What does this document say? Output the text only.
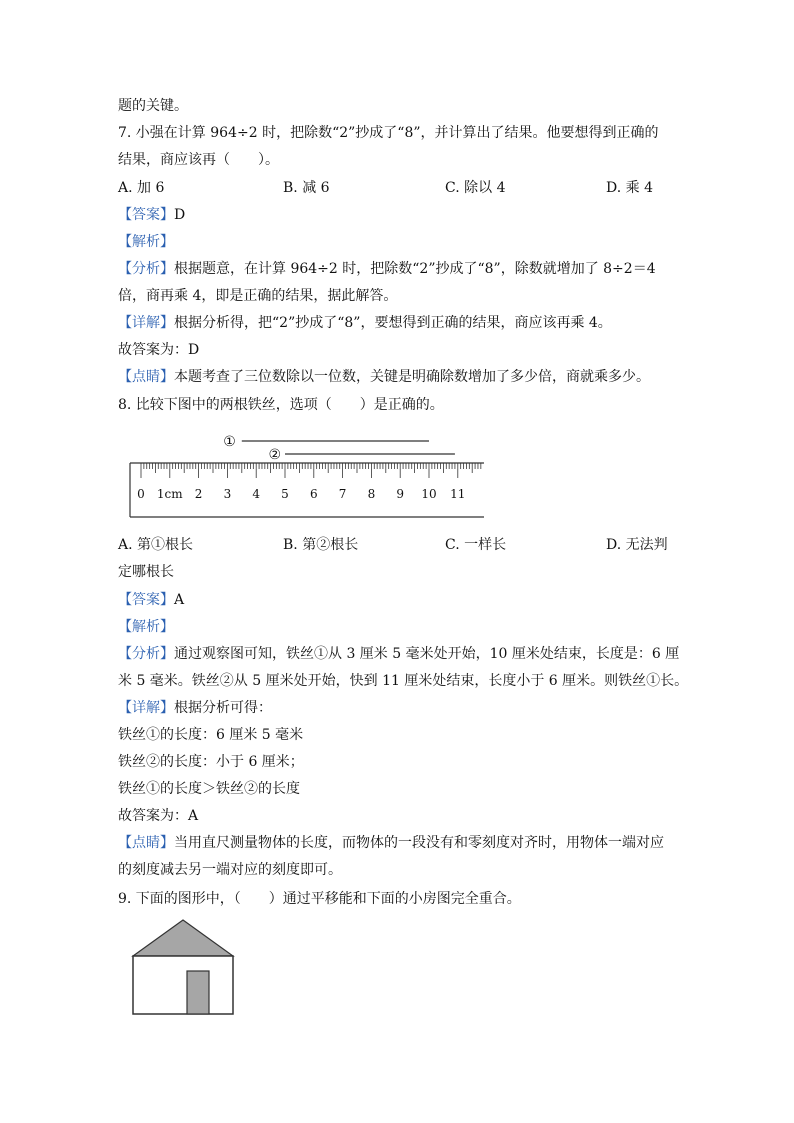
题的关键。
7. 小强在计算 964÷2 时，把除数“2”抄成了“8”，并计算出了结果。他要想得到正确的
结果，商应该再（　　）。
A. 加 6	B. 减 6	C. 除以 4	D. 乘 4
【答案】D
【解析】
【分析】根据题意，在计算 964÷2 时，把除数“2”抄成了“8”，除数就增加了 8÷2＝4
倍，商再乘 4，即是正确的结果，据此解答。
【详解】根据分析得，把“2”抄成了“8”，要想得到正确的结果，商应该再乘 4。
故答案为：D
【点睛】本题考查了三位数除以一位数，关键是明确除数增加了多少倍，商就乘多少。
8. 比较下图中的两根铁丝，选项（　　）是正确的。
0 1cm 2 3 4 5 6 7 8 9 10 11
①
②
A. 第①根长	B. 第②根长	C. 一样长	D. 无法判
定哪根长
【答案】A
【解析】
【分析】通过观察图可知，铁丝①从 3 厘米 5 毫米处开始，10 厘米处结束，长度是：6 厘
米 5 毫米。铁丝②从 5 厘米处开始，快到 11 厘米处结束，长度小于 6 厘米。则铁丝①长。
【详解】根据分析可得：
铁丝①的长度：6 厘米 5 毫米
铁丝②的长度：小于 6 厘米；
铁丝①的长度＞铁丝②的长度
故答案为：A
【点睛】当用直尺测量物体的长度，而物体的一段没有和零刻度对齐时，用物体一端对应
的刻度减去另一端对应的刻度即可。
9. 下面的图形中，（　　）通过平移能和下面的小房图完全重合。
